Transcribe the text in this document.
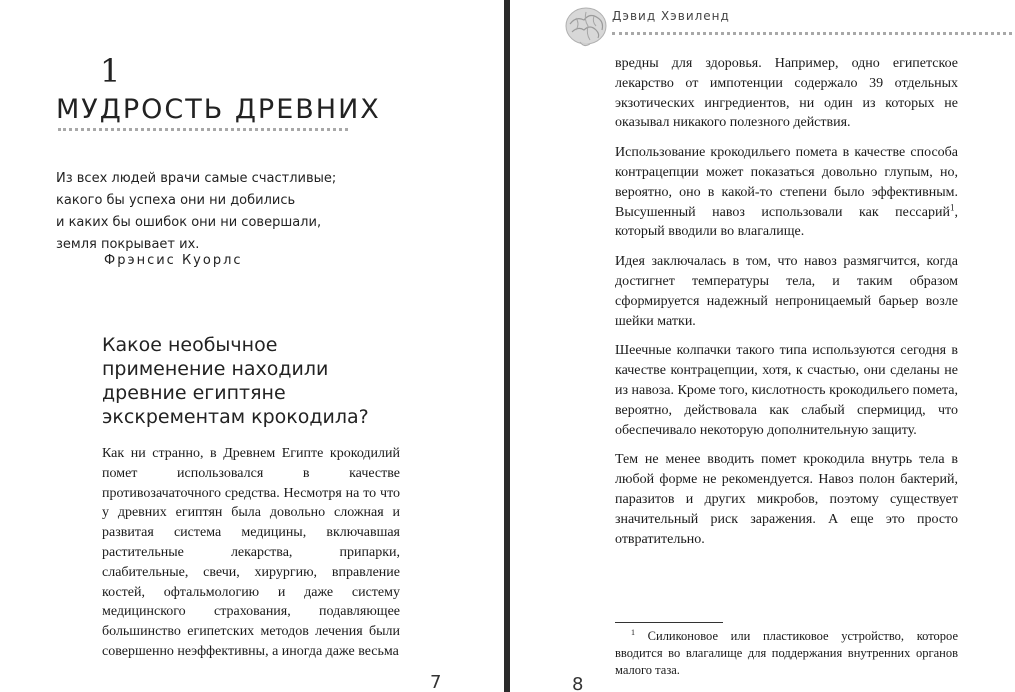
1
МУДРОСТЬ ДРЕВНИХ
Из всех людей врачи самые счастливые;
какого бы успеха они ни добились
и каких бы ошибок они ни совершали,
земля покрывает их.
Фрэнсис Куорлс
Какое необычное
применение находили
древние египтяне
экскрементам крокодила?

Как ни странно, в Древнем Египте крокодилий помет использовался в качестве противозачаточного средства. Несмотря на то что у древних египтян была довольно сложная и развитая система медицины, включавшая растительные лекарства, припарки, слабительные, свечи, хирургию, вправление костей, офтальмологию и даже систему медицинского страхования, подавляющее большинство египетских методов лечения были совершенно неэффективны, а иногда даже весьма

7
Дэвид Хэвиленд

вредны для здоровья. Например, одно египетское лекарство от импотенции содержало 39 отдельных экзотических ингредиентов, ни один из которых не оказывал никакого полезного действия.

Использование крокодильего помета в качестве способа контрацепции может показаться довольно глупым, но, вероятно, оно в какой-то степени было эффективным. Высушенный навоз использовали как пессарий$^1$, который вводили во влагалище.

Идея заключалась в том, что навоз размягчится, когда достигнет температуры тела, и таким образом сформируется надежный непроницаемый барьер возле шейки матки.

Шеечные колпачки такого типа используются сегодня в качестве контрацепции, хотя, к счастью, они сделаны не из навоза. Кроме того, кислотность крокодильего помета, вероятно, действовала как слабый спермицид, что обеспечивало некоторую дополнительную защиту.

Тем не менее вводить помет крокодила внутрь тела в любой форме не рекомендуется. Навоз полон бактерий, паразитов и других микробов, поэтому существует значительный риск заражения. А еще это просто отвратительно.

$^1$ Силиконовое или пластиковое устройство, которое вводится во влагалище для поддержания внутренних органов малого таза.
8
